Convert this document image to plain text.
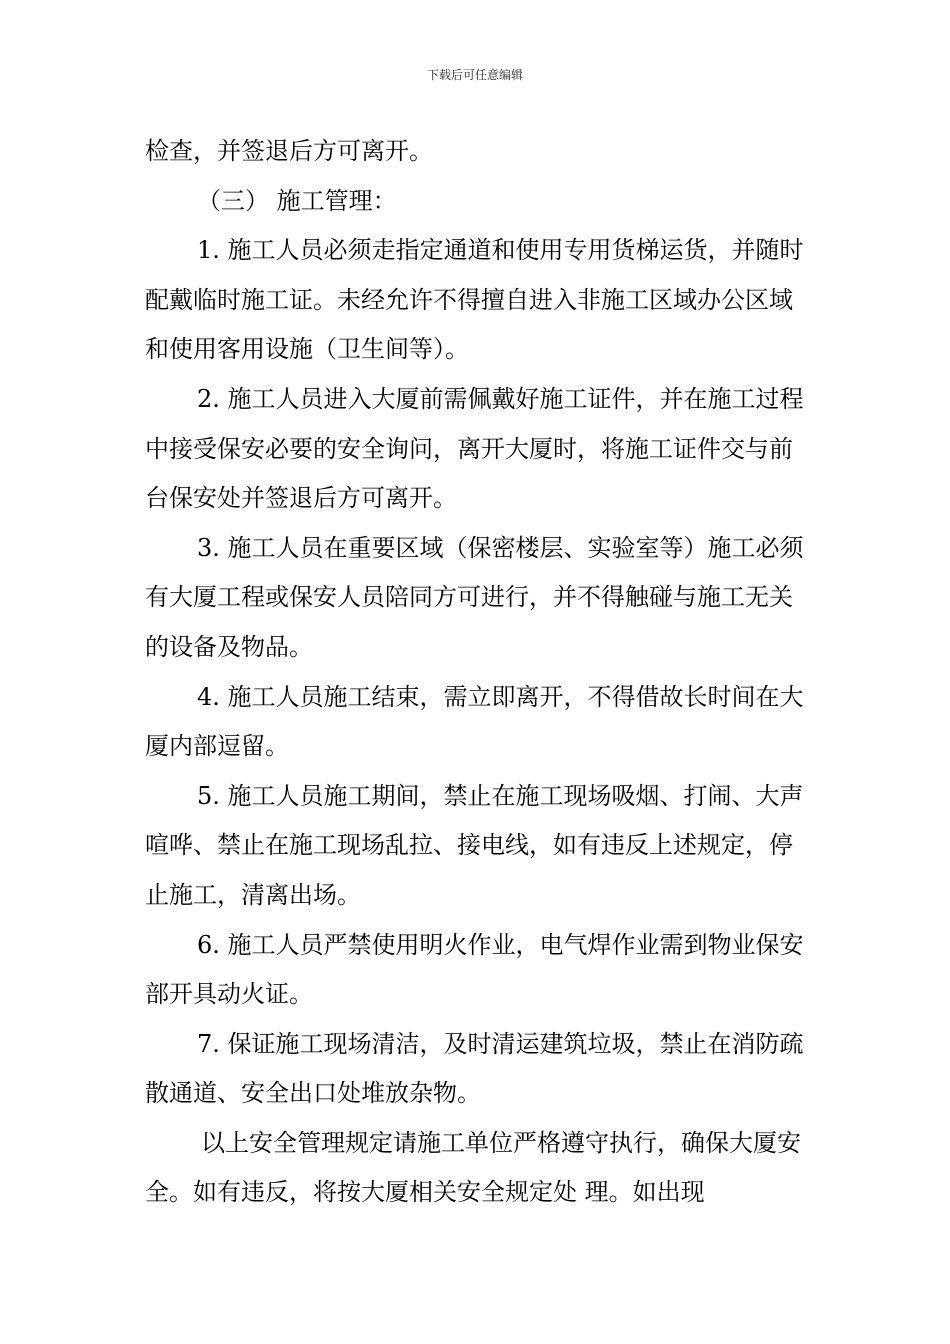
下载后可任意编辑

检查，并签退后方可离开。

（三） 施工管理：

1. 施工人员必须走指定通道和使用专用货梯运货，并随时配戴临时施工证。未经允许不得擅自进入非施工区域办公区域和使用客用设施（卫生间等）。

2. 施工人员进入大厦前需佩戴好施工证件，并在施工过程中接受保安必要的安全询问，离开大厦时，将施工证件交与前台保安处并签退后方可离开。

3. 施工人员在重要区域（保密楼层、实验室等）施工必须有大厦工程或保安人员陪同方可进行，并不得触碰与施工无关的设备及物品。

4. 施工人员施工结束，需立即离开，不得借故长时间在大厦内部逗留。

5. 施工人员施工期间，禁止在施工现场吸烟、打闹、大声喧哗、禁止在施工现场乱拉、接电线，如有违反上述规定，停止施工，清离出场。

6. 施工人员严禁使用明火作业，电气焊作业需到物业保安部开具动火证。

7. 保证施工现场清洁，及时清运建筑垃圾，禁止在消防疏散通道、安全出口处堆放杂物。

以上安全管理规定请施工单位严格遵守执行，确保大厦安全。如有违反，将按大厦相关安全规定处 理。如出现
